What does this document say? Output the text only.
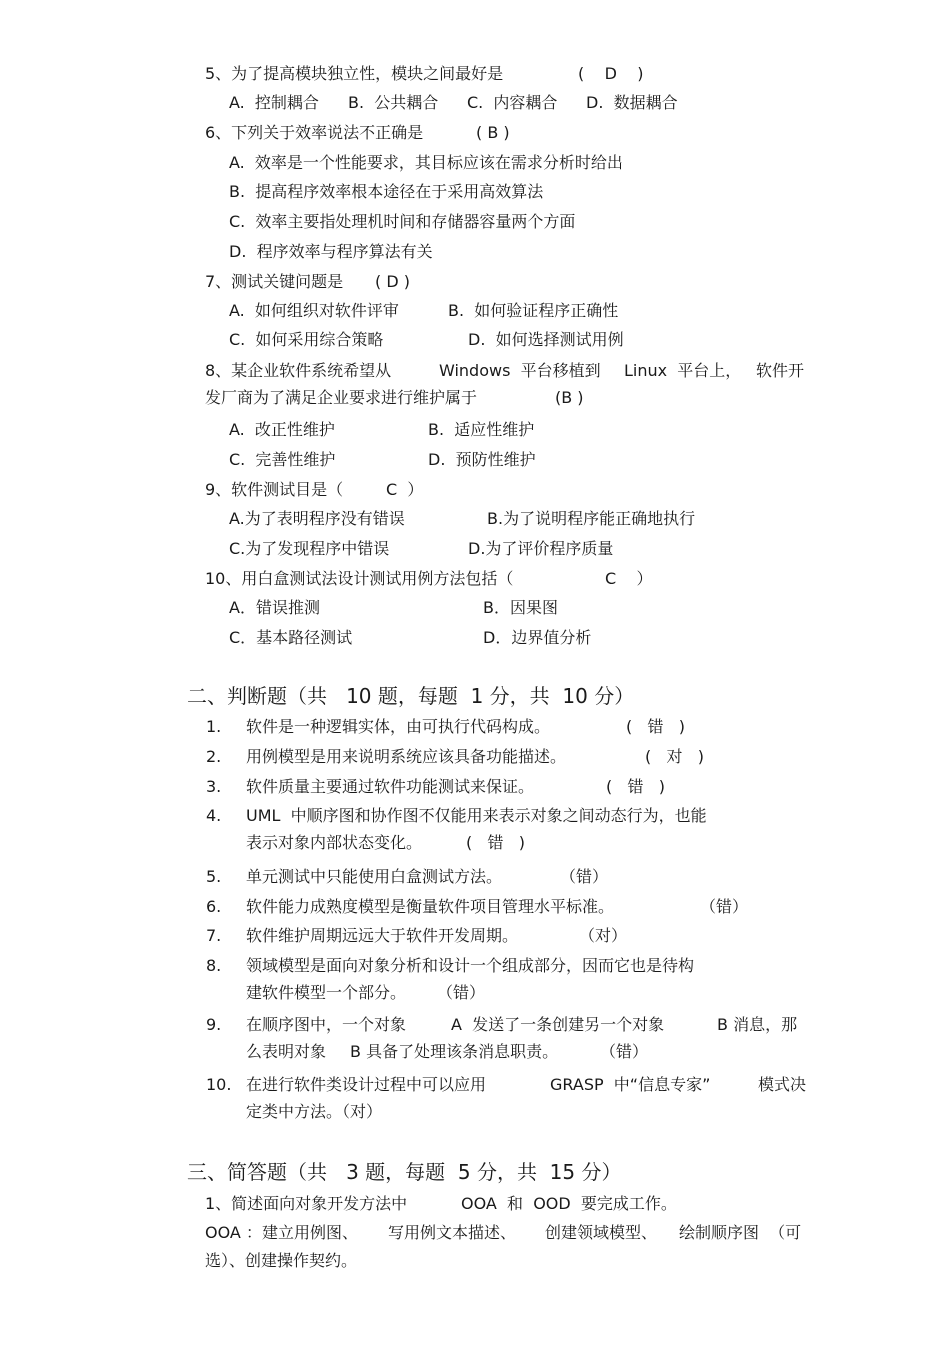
5、为了提高模块独立性，模块之间最好是	(    D    )
A.  控制耦合 B.  公共耦合 C.  内容耦合 D.  数据耦合
6、下列关于效率说法不正确是	( B )
A.  效率是一个性能要求，其目标应该在需求分析时给出
B.  提高程序效率根本途径在于采用高效算法
C.  效率主要指处理机时间和存储器容量两个方面
D.  程序效率与程序算法有关
7、测试关键问题是 ( D )
A.  如何组织对软件评审	B.  如何验证程序正确性
C.  如何采用综合策略	D.  如何选择测试用例
8、某企业软件系统希望从	Windows  平台移植到 Linux  平台上， 软件开
发厂商为了满足企业要求进行维护属于	(B )
A.  改正性维护	B.  适应性维护
C.  完善性维护	D.  预防性维护
9、软件测试目是（	C  ）
A.为了表明程序没有错误	B.为了说明程序能正确地执行
C.为了发现程序中错误	D.为了评价程序质量
10、用白盒测试法设计测试用例方法包括（	C    ）
A．错误推测	B．因果图
C．基本路径测试	D．边界值分析
二、判断题（共   10 题，每题  1 分，共  10 分）
1. 软件是一种逻辑实体，由可执行代码构成。	(   错   )
2. 用例模型是用来说明系统应该具备功能描述。	(   对   )
3. 软件质量主要通过软件功能测试来保证。	(   错   )
4. UML  中顺序图和协作图不仅能用来表示对象之间动态行为，也能
表示对象内部状态变化。	(   错   )
5. 单元测试中只能使用白盒测试方法。	（错）
6. 软件能力成熟度模型是衡量软件项目管理水平标准。	（错）
7. 软件维护周期远远大于软件开发周期。	（对）
8. 领域模型是面向对象分析和设计一个组成部分，因而它也是待构
建软件模型一个部分。 （错）
9. 在顺序图中，一个对象	A  发送了一条创建另一个对象	B 消息，那
么表明对象 B 具备了处理该条消息职责。	（错）
10. 在进行软件类设计过程中可以应用	GRASP  中“信息专家”	模式决
定类中方法。（对）
三、简答题（共   3 题，每题  5 分，共  15 分）
1、简述面向对象开发方法中	OOA  和  OOD  要完成工作。
OOA ：建立用例图、 写用例文本描述、 创建领域模型、 绘制顺序图  （可
选）、创建操作契约。
